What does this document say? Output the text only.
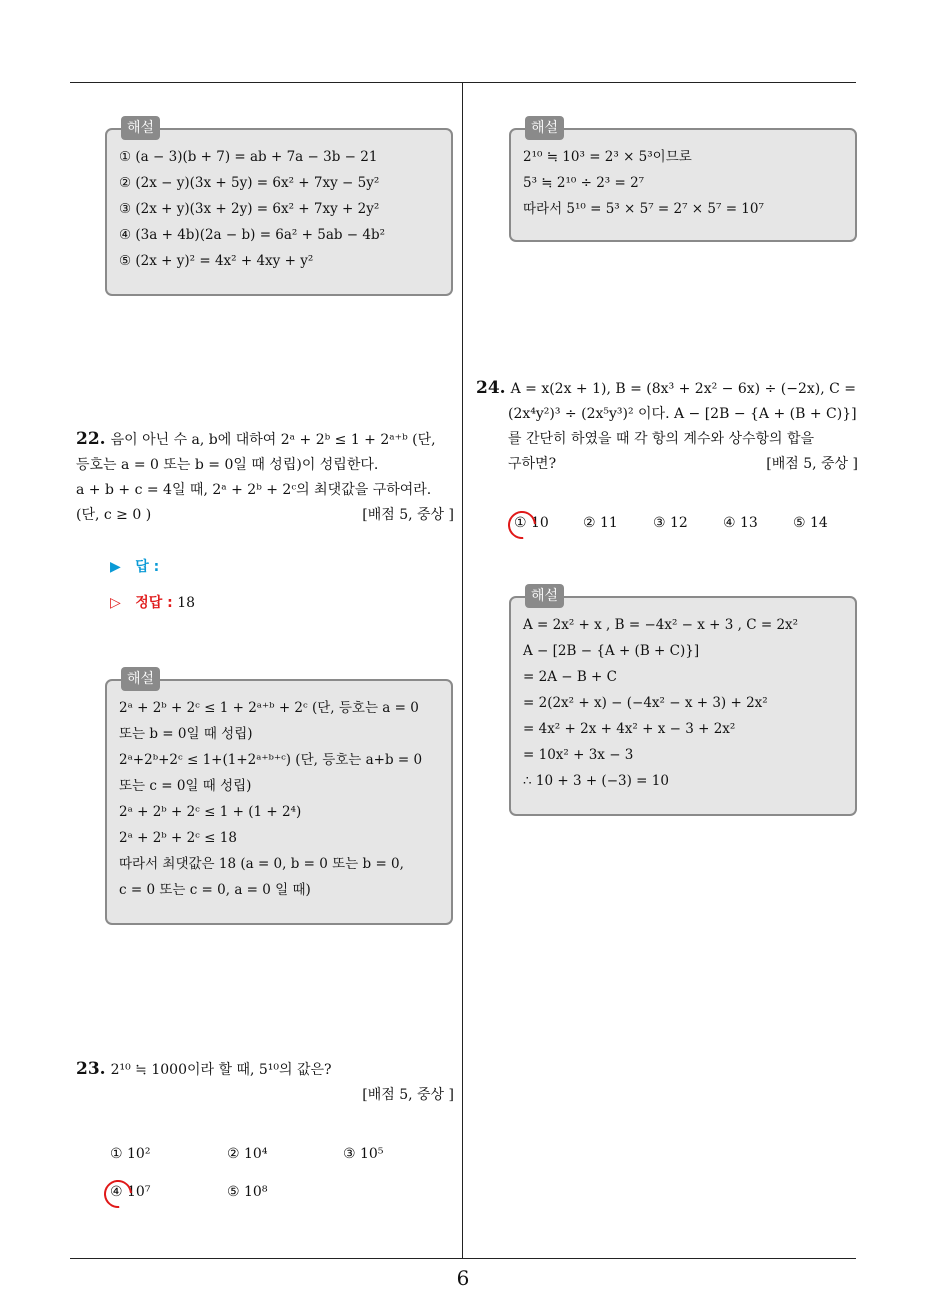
6
해설
① (a − 3)(b + 7) = ab + 7a − 3b − 21
② (2x − y)(3x + 5y) = 6x² + 7xy − 5y²
③ (2x + y)(3x + 2y) = 6x² + 7xy + 2y²
④ (3a + 4b)(2a − b) = 6a² + 5ab − 4b²
⑤ (2x + y)² = 4x² + 4xy + y²
22. 음이 아닌 수 a, b에 대하여 2ᵃ + 2ᵇ ≤ 1 + 2ᵃ⁺ᵇ (단,
등호는 a = 0 또는 b = 0일 때 성립)이 성립한다.
a + b + c = 4일 때, 2ᵃ + 2ᵇ + 2ᶜ의 최댓값을 구하여라.
(단, c ≥ 0 )	[배점 5, 중상 ]
▶ 답 :
▷ 정답 : 18
해설
2ᵃ + 2ᵇ + 2ᶜ ≤ 1 + 2ᵃ⁺ᵇ + 2ᶜ (단, 등호는 a = 0
또는 b = 0일 때 성립)
2ᵃ+2ᵇ+2ᶜ ≤ 1+(1+2ᵃ⁺ᵇ⁺ᶜ) (단, 등호는 a+b = 0
또는 c = 0일 때 성립)
2ᵃ + 2ᵇ + 2ᶜ ≤ 1 + (1 + 2⁴)
2ᵃ + 2ᵇ + 2ᶜ ≤ 18
따라서 최댓값은 18 (a = 0, b = 0 또는 b = 0,
c = 0 또는 c = 0, a = 0 일 때)
23. 2¹⁰ ≒ 1000이라 할 때, 5¹⁰의 값은?
[배점 5, 중상 ]
① 10²	② 10⁴	③ 10⁵
④ 10⁷	⑤ 10⁸
해설
2¹⁰ ≒ 10³ = 2³ × 5³이므로
5³ ≒ 2¹⁰ ÷ 2³ = 2⁷
따라서 5¹⁰ = 5³ × 5⁷ = 2⁷ × 5⁷ = 10⁷
24. A = x(2x + 1), B = (8x³ + 2x² − 6x) ÷ (−2x), C =
(2x⁴y²)³ ÷ (2x⁵y³)² 이다. A − [2B − {A + (B + C)}]
를 간단히 하였을 때 각 항의 계수와 상수항의 합을
구하면?	[배점 5, 중상 ]
① 10 ② 11	③ 12	④ 13	⑤ 14
해설
A = 2x² + x , B = −4x² − x + 3 , C = 2x²
A − [2B − {A + (B + C)}]
= 2A − B + C
= 2(2x² + x) − (−4x² − x + 3) + 2x²
= 4x² + 2x + 4x² + x − 3 + 2x²
= 10x² + 3x − 3
∴ 10 + 3 + (−3) = 10
